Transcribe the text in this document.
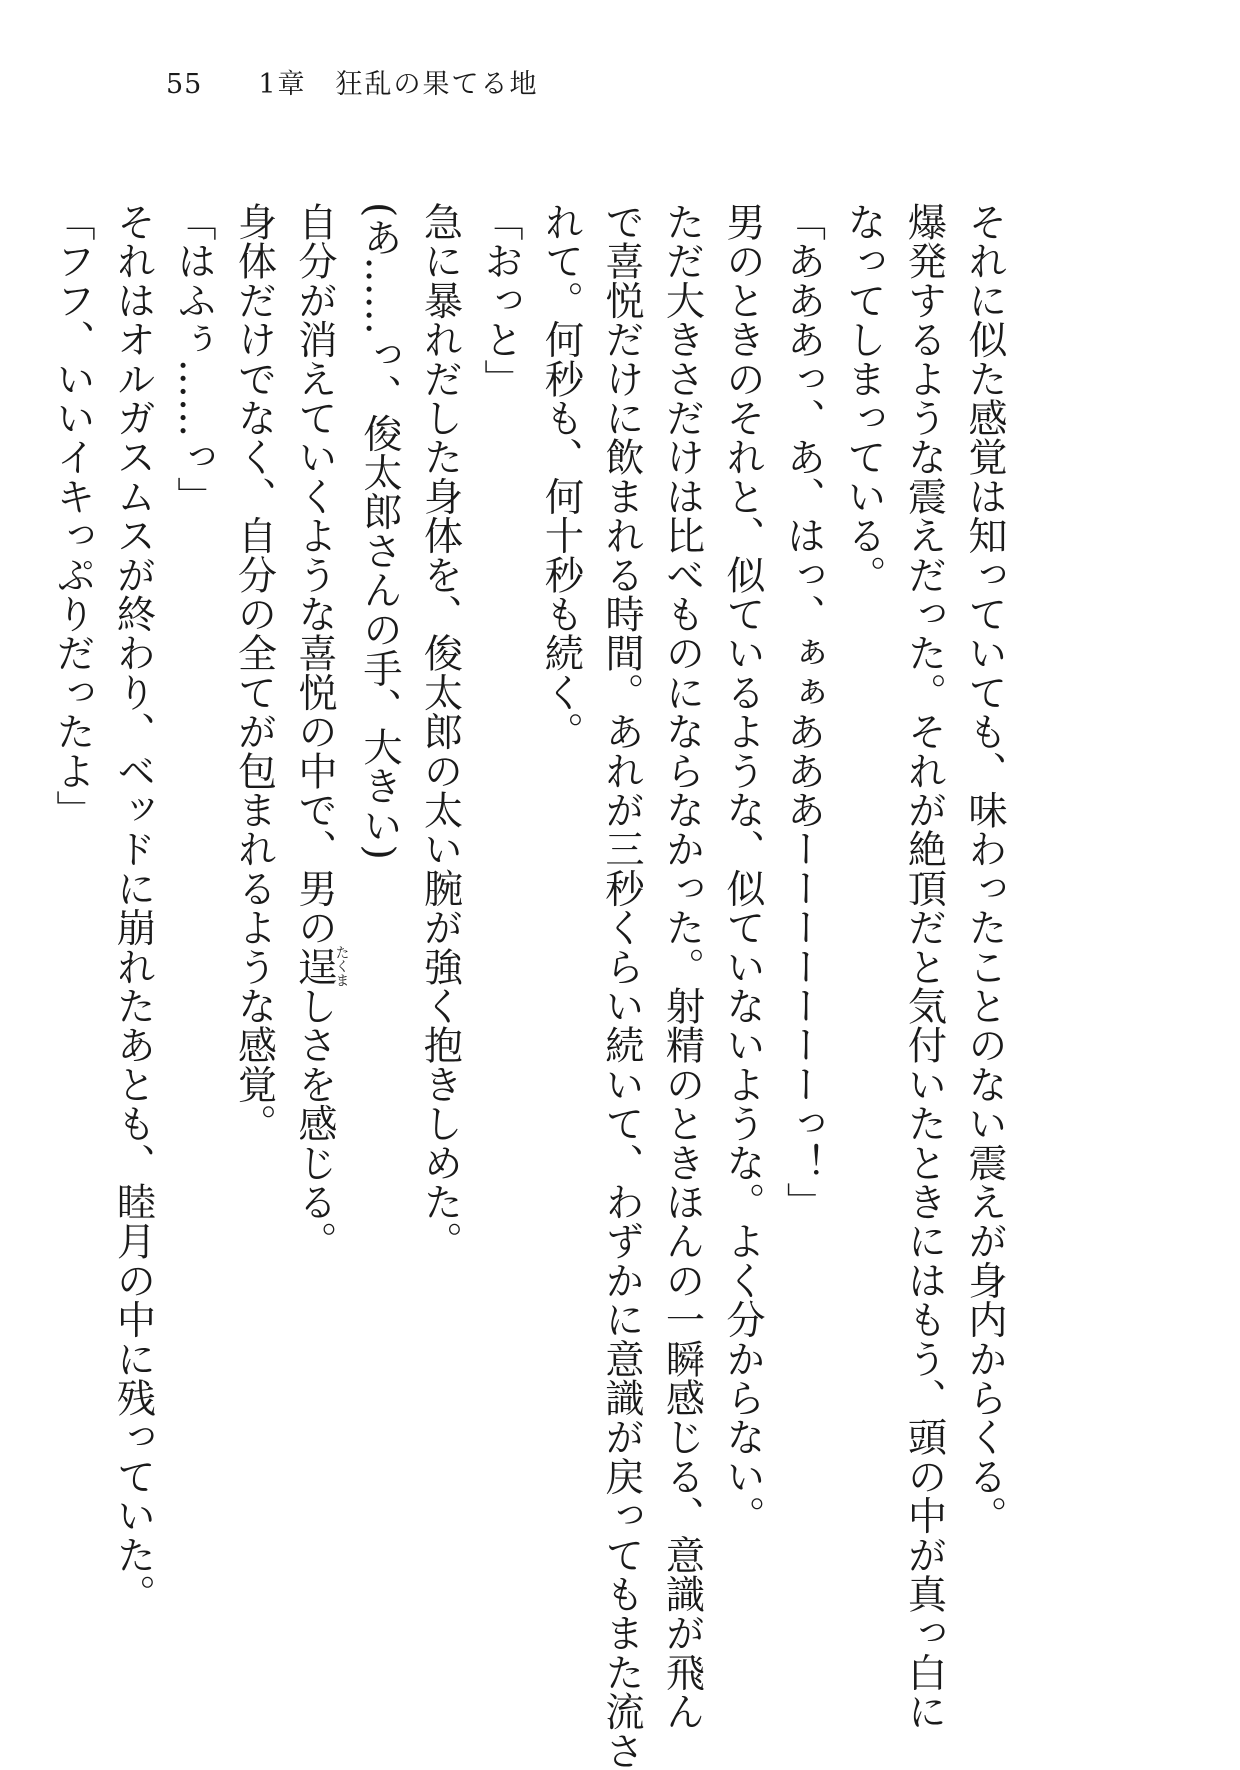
55 1章　狂乱の果てる地

それに似た感覚は知っていても、味わったことのない震えが身内からくる。

爆発するような震えだった。それが絶頂だと気付いたときにはもう、頭の中が真っ白に

なってしまっている。

「あああっ、あ、はっ、ぁぁあああーーーーーーーっ！」

男のときのそれと、似ているような、似ていないような。よく分からない。

ただ大きさだけは比べものにならなかった。射精のときほんの一瞬感じる、意識が飛ん

で喜悦だけに飲まれる時間。あれが三秒くらい続いて、わずかに意識が戻ってもまた流さ

れて。何秒も、何十秒も続く。

「おっと」

急に暴れだした身体を、俊太郎の太い腕が強く抱きしめた。

(あ……っ、俊太郎さんの手、大きい)

自分が消えていくような喜悦の中で、男の逞たくましさを感じる。

身体だけでなく、自分の全てが包まれるような感覚。

「はふぅ……っ」

それはオルガスムスが終わり、ベッドに崩れたあとも、睦月の中に残っていた。

「フフ、いいイキっぷりだったよ」
